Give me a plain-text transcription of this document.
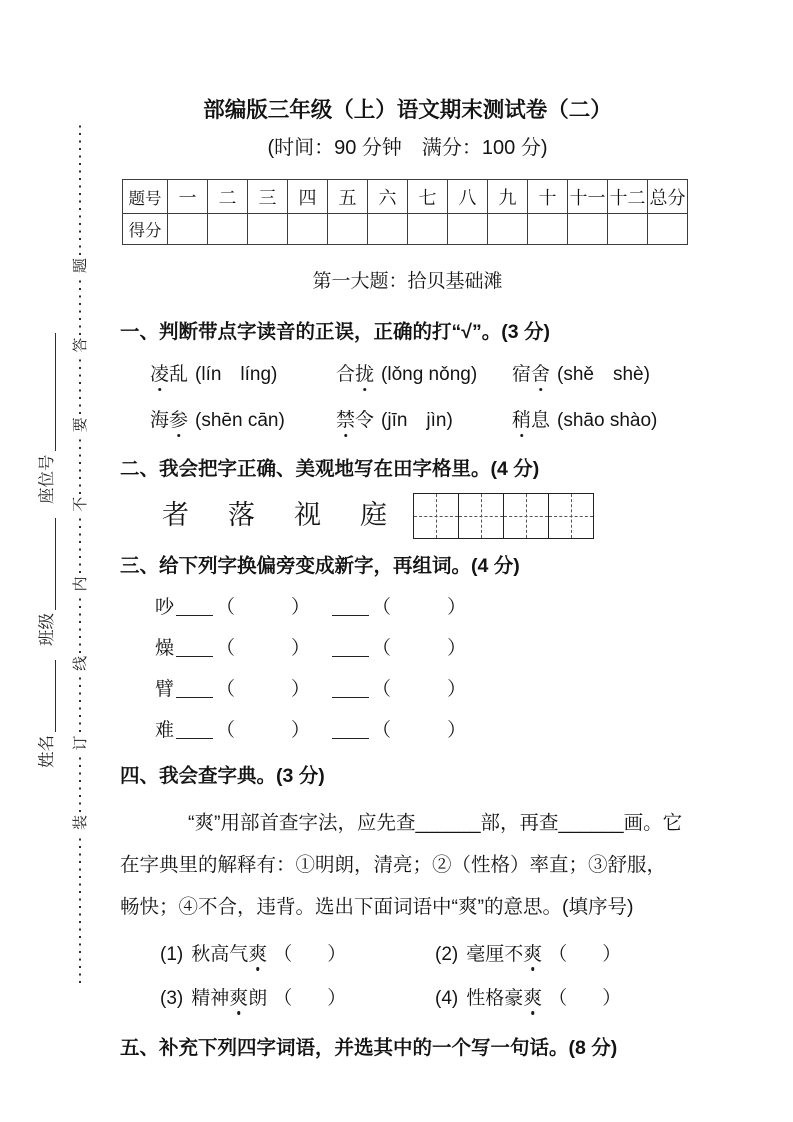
姓名
班级
座位号
装
订
线
内
不
要
答
题
部编版三年级（上）语文期末测试卷（二）
(时间：90 分钟　满分：100 分)
题号	一	二	三	四	五	六	七	八	九	十	十一	十二	总分
得分													
第一大题：拾贝基础滩
一、判断带点字读音的正误，正确的打“√”。(3 分)
凌乱 (lín　líng)	合拢 (lǒng nǒng)	宿舍 (shě　shè)
海参 (shēn cān)	禁令 (jīn　jìn)	稍息 (shāo shào)
二、我会把字正确、美观地写在田字格里。(4 分)
者 落 视 庭
三、给下列字换偏旁变成新字，再组词。(4 分)
吵 （	）	（	）
燥 （	）	（	）
臂 （	）	（	）
难 （	）	（	）
四、我会查字典。(3 分)
“爽”用部首查字法，应先查______部，再查______画。它
在字典里的解释有：①明朗，清亮；②（性格）率直；③舒服，
畅快；④不合，违背。选出下面词语中“爽”的意思。(填序号)
(1) 秋高气爽 （　）	(2) 毫厘不爽 （　）
(3) 精神爽朗 （　）	(4) 性格豪爽 （　）
五、补充下列四字词语，并选其中的一个写一句话。(8 分)
